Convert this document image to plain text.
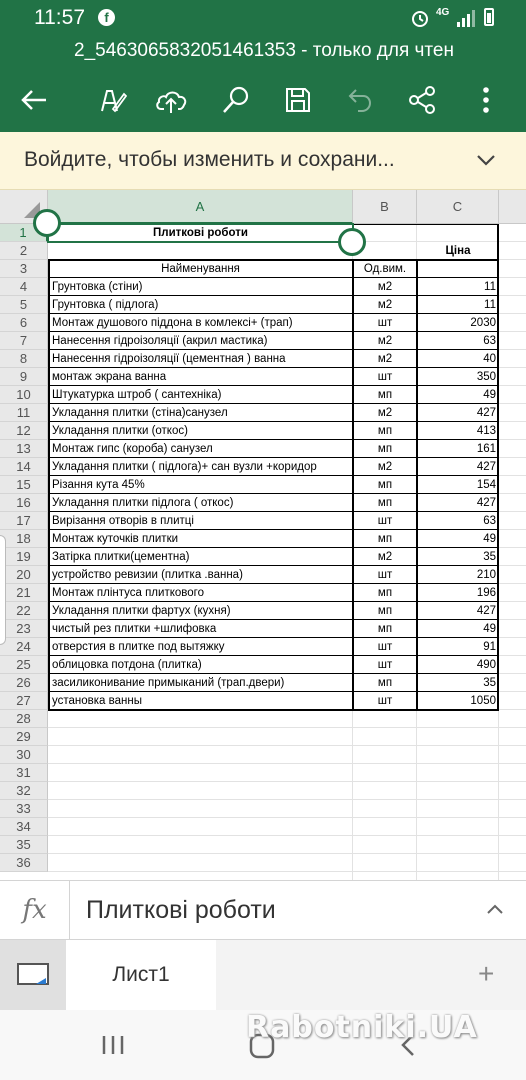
11:57	f	4G
2_5463065832051461353 - только для чтен
Войдите, чтобы изменить и сохрани...
A	B	C
1
2
3
4
5
6
7
8
9
10
11
12
13
14
15
16
17
18
19
20
21
22
23
24
25
26
27
28
29
30
31
32
33
34
35
36
Плиткові роботи
Ціна
Найменування	Од.вим.
Грунтовка (стіни)	м2	11
Грунтовка ( підлога)	м2	11
Монтаж душового піддона в комлексі+ (трап)	шт	2030
Нанесення гідроізоляції (акрил мастика)	м2	63
Нанесення гідроізоляції (цементная ) ванна	м2	40
монтаж экрана ванна	шт	350
Штукатурка штроб ( сантехніка)	мп	49
Укладання плитки (стіна)санузел	м2	427
Укладання плитки (откос)	мп	413
Монтаж гипс (короба) санузел	мп	161
Укладання плитки ( підлога)+ сан вузли +коридор	м2	427
Різання кута 45%	мп	154
Укладання плитки підлога ( откос)	мп	427
Вирізання отворів в плитці	шт	63
Монтаж куточків плитки	мп	49
Затірка плитки(цементна)	м2	35
устройство ревизии (плитка .ванна)	шт	210
Монтаж плінтуса плиткового	мп	196
Укладання плитки фартух (кухня)	мп	427
чистый рез плитки +шлифовка	мп	49
отверстия в плитке под вытяжку	шт	91
облицовка потдона (плитка)	шт	490
засиликонивание примыканий (трап.двери)	мп	35
установка ванны	шт	1050
fx	Плиткові роботи
Лист1	+
Rabotniki.UA
